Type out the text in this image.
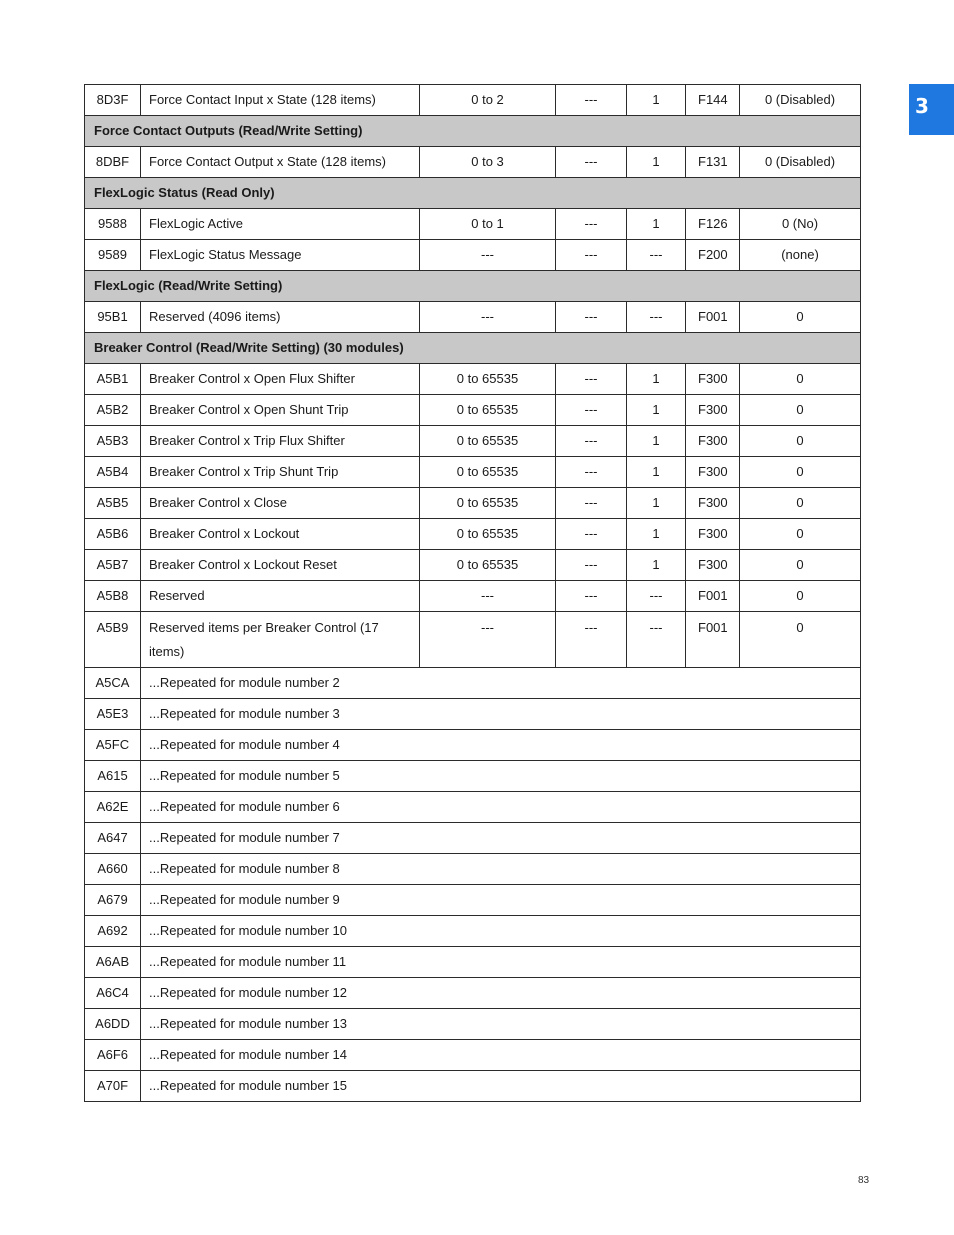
3
8D3F	Force Contact Input x State (128 items)	0 to 2	---	1	F144	0 (Disabled)
Force Contact Outputs (Read/Write Setting)						
8DBF	Force Contact Output x State (128 items)	0 to 3	---	1	F131	0 (Disabled)
FlexLogic Status (Read Only)						
9588	FlexLogic Active	0 to 1	---	1	F126	0 (No)
9589	FlexLogic Status Message	---	---	---	F200	(none)
FlexLogic (Read/Write Setting)						
95B1	Reserved (4096 items)	---	---	---	F001	0
Breaker Control (Read/Write Setting) (30 modules)						
A5B1	Breaker Control x Open Flux Shifter	0 to 65535	---	1	F300	0
A5B2	Breaker Control x Open Shunt Trip	0 to 65535	---	1	F300	0
A5B3	Breaker Control x Trip Flux Shifter	0 to 65535	---	1	F300	0
A5B4	Breaker Control x Trip Shunt Trip	0 to 65535	---	1	F300	0
A5B5	Breaker Control x Close	0 to 65535	---	1	F300	0
A5B6	Breaker Control x Lockout	0 to 65535	---	1	F300	0
A5B7	Breaker Control x Lockout Reset	0 to 65535	---	1	F300	0
A5B8	Reserved	---	---	---	F001	0
A5B9	Reserved items per Breaker Control (17 items)	---	---	---	F001	0
A5CA	...Repeated for module number 2					
A5E3	...Repeated for module number 3					
A5FC	...Repeated for module number 4					
A615	...Repeated for module number 5					
A62E	...Repeated for module number 6					
A647	...Repeated for module number 7					
A660	...Repeated for module number 8					
A679	...Repeated for module number 9					
A692	...Repeated for module number 10					
A6AB	...Repeated for module number 11					
A6C4	...Repeated for module number 12					
A6DD	...Repeated for module number 13					
A6F6	...Repeated for module number 14					
A70F	...Repeated for module number 15					
83
